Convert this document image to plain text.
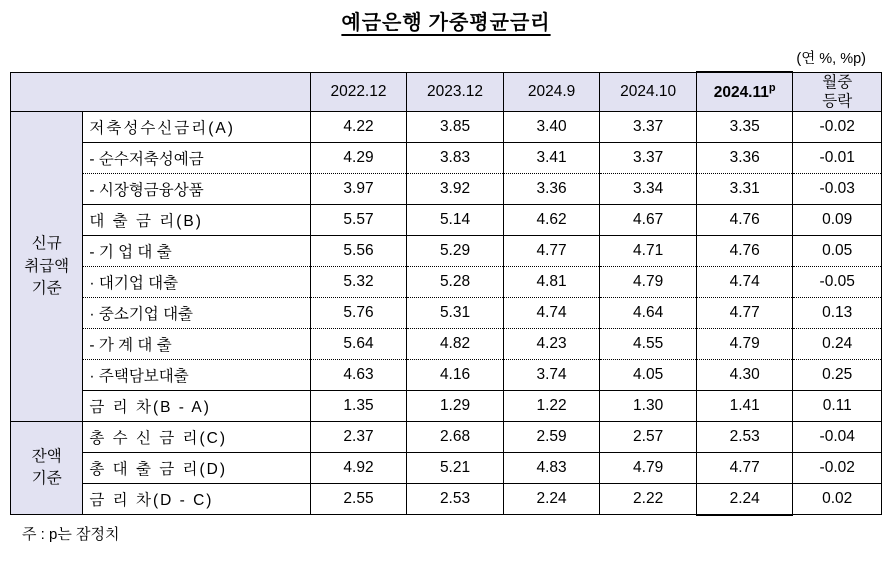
예금은행 가중평균금리
(연 %, %p)
		2022.12	2023.12	2024.9	2024.10	2024.11$^p$	월중
등락
신규
취급액
기준	저축성수신금리(A)	4.22	3.85	3.40	3.37	3.35	-0.02
	- 순수저축성예금	4.29	3.83	3.41	3.37	3.36	-0.01
	- 시장형금융상품	3.97	3.92	3.36	3.34	3.31	-0.03
	대 출 금 리(B)	5.57	5.14	4.62	4.67	4.76	0.09
	- 기 업 대 출	5.56	5.29	4.77	4.71	4.76	0.05
	· 대기업 대출	5.32	5.28	4.81	4.79	4.74	-0.05
	· 중소기업 대출	5.76	5.31	4.74	4.64	4.77	0.13
	- 가 계 대 출	5.64	4.82	4.23	4.55	4.79	0.24
	· 주택담보대출	4.63	4.16	3.74	4.05	4.30	0.25
	금 리 차(B - A)	1.35	1.29	1.22	1.30	1.41	0.11
잔액
기준	총 수 신 금 리(C)	2.37	2.68	2.59	2.57	2.53	-0.04
	총 대 출 금 리(D)	4.92	5.21	4.83	4.79	4.77	-0.02
	금 리 차(D - C)	2.55	2.53	2.24	2.22	2.24	0.02
주 : p는 잠정치
